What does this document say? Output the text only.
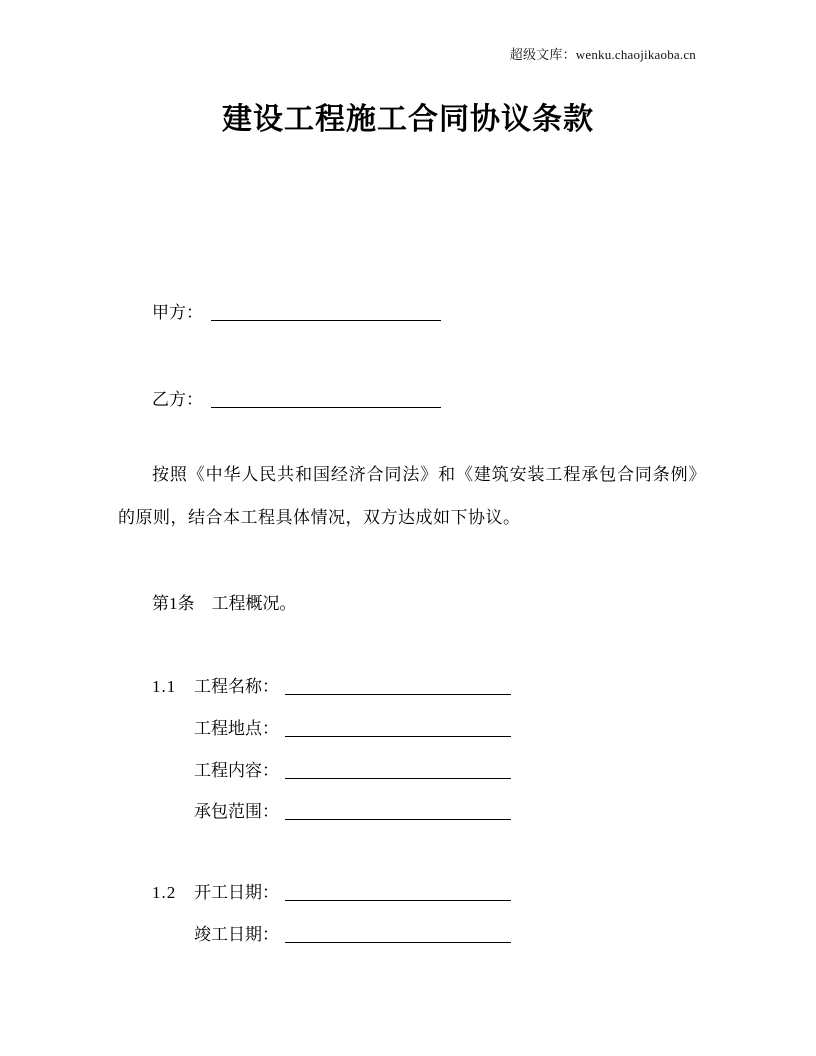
超级文库：wenku.chaojikaoba.cn
建设工程施工合同协议条款
甲方：
乙方：

按照《中华人民共和国经济合同法》和《建筑安装工程承包合同条例》的原则，结合本工程具体情况，双方达成如下协议。

第1条 工程概况。
1.1 工程名称：
工程地点：
工程内容：
承包范围：
1.2 开工日期：
竣工日期：
